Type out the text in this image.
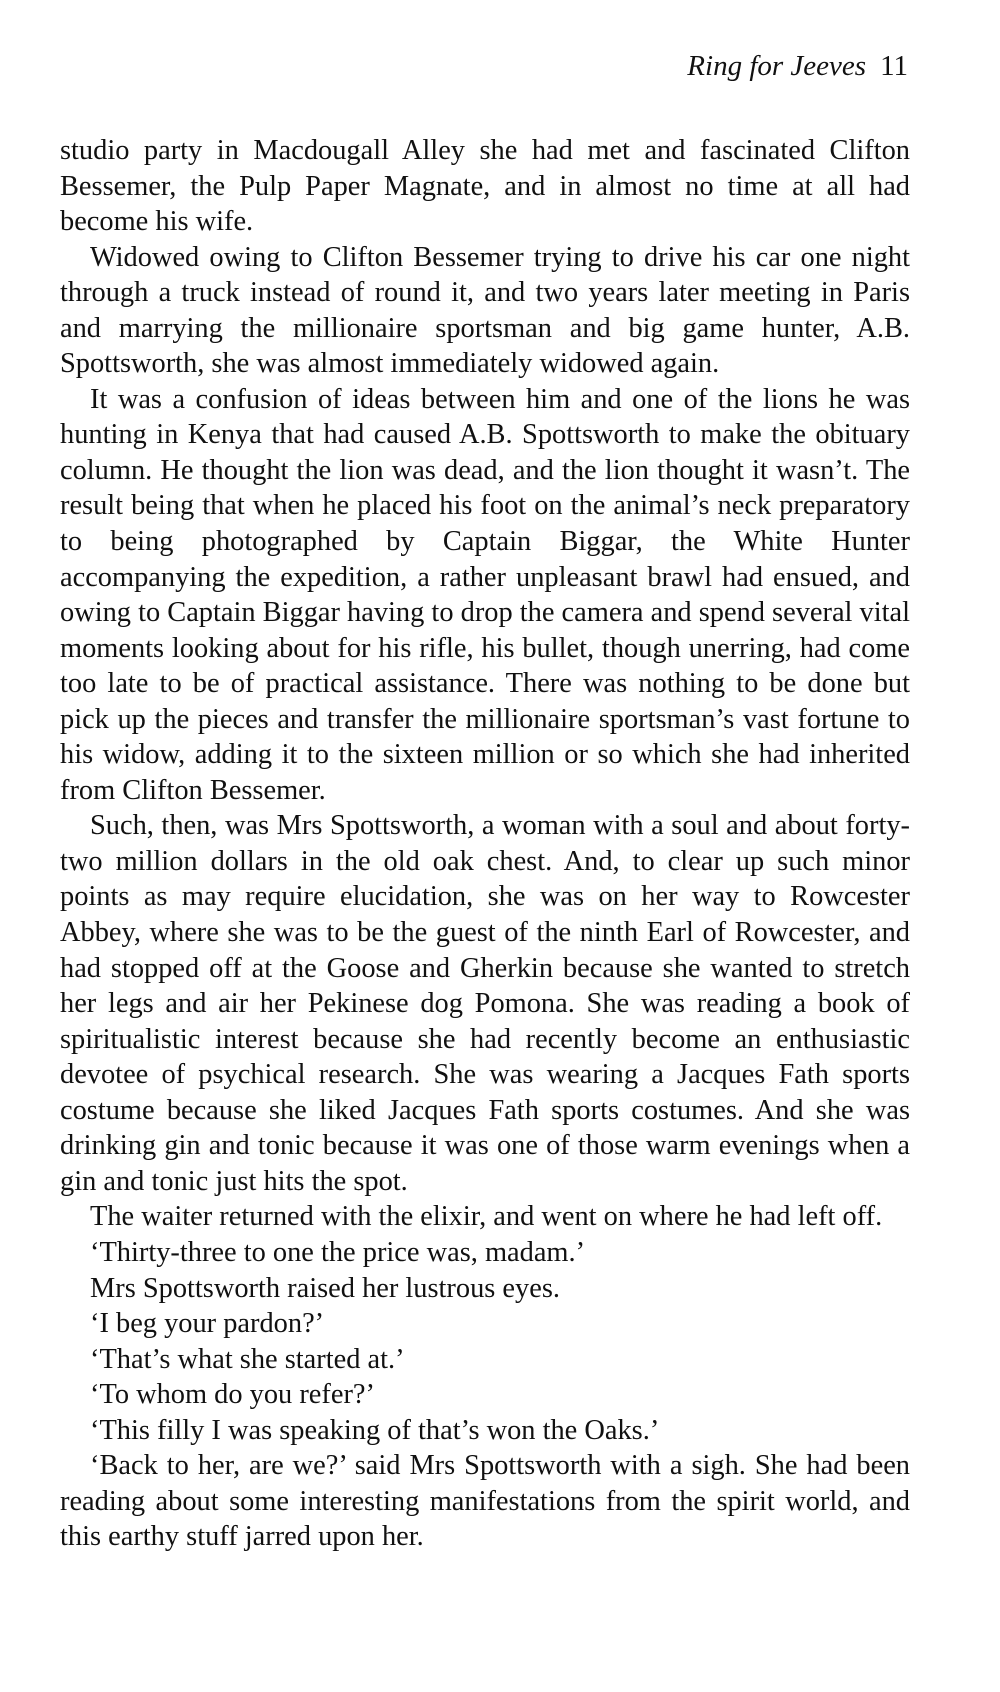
Ring for Jeeves 11

studio party in Macdougall Alley she had met and fascinated Clifton Bessemer, the Pulp Paper Magnate, and in almost no time at all had become his wife.

Widowed owing to Clifton Bessemer trying to drive his car one night through a truck instead of round it, and two years later meeting in Paris and marrying the millionaire sportsman and big game hunter, A.B. Spottsworth, she was almost immediately widowed again.

It was a confusion of ideas between him and one of the lions he was hunting in Kenya that had caused A.B. Spottsworth to make the obituary column. He thought the lion was dead, and the lion thought it wasn’t. The result being that when he placed his foot on the animal’s neck preparatory to being photographed by Captain Biggar, the White Hunter accompanying the expedition, a rather unpleasant brawl had ensued, and owing to Captain Biggar having to drop the camera and spend several vital moments looking about for his rifle, his bullet, though unerring, had come too late to be of practical assistance. There was nothing to be done but pick up the pieces and transfer the millionaire sportsman’s vast fortune to his widow, adding it to the sixteen million or so which she had inherited from Clifton Bessemer.

Such, then, was Mrs Spottsworth, a woman with a soul and about forty-two million dollars in the old oak chest. And, to clear up such minor points as may require elucidation, she was on her way to Rowcester Abbey, where she was to be the guest of the ninth Earl of Rowcester, and had stopped off at the Goose and Gherkin because she wanted to stretch her legs and air her Pekinese dog Pomona. She was reading a book of spiritualistic interest because she had recently become an enthusiastic devotee of psychical research. She was wearing a Jacques Fath sports costume because she liked Jacques Fath sports costumes. And she was drinking gin and tonic because it was one of those warm evenings when a gin and tonic just hits the spot.

The waiter returned with the elixir, and went on where he had left off.

‘Thirty-three to one the price was, madam.’

Mrs Spottsworth raised her lustrous eyes.

‘I beg your pardon?’

‘That’s what she started at.’

‘To whom do you refer?’

‘This filly I was speaking of that’s won the Oaks.’

‘Back to her, are we?’ said Mrs Spottsworth with a sigh. She had been reading about some interesting manifestations from the spirit world, and this earthy stuff jarred upon her.
